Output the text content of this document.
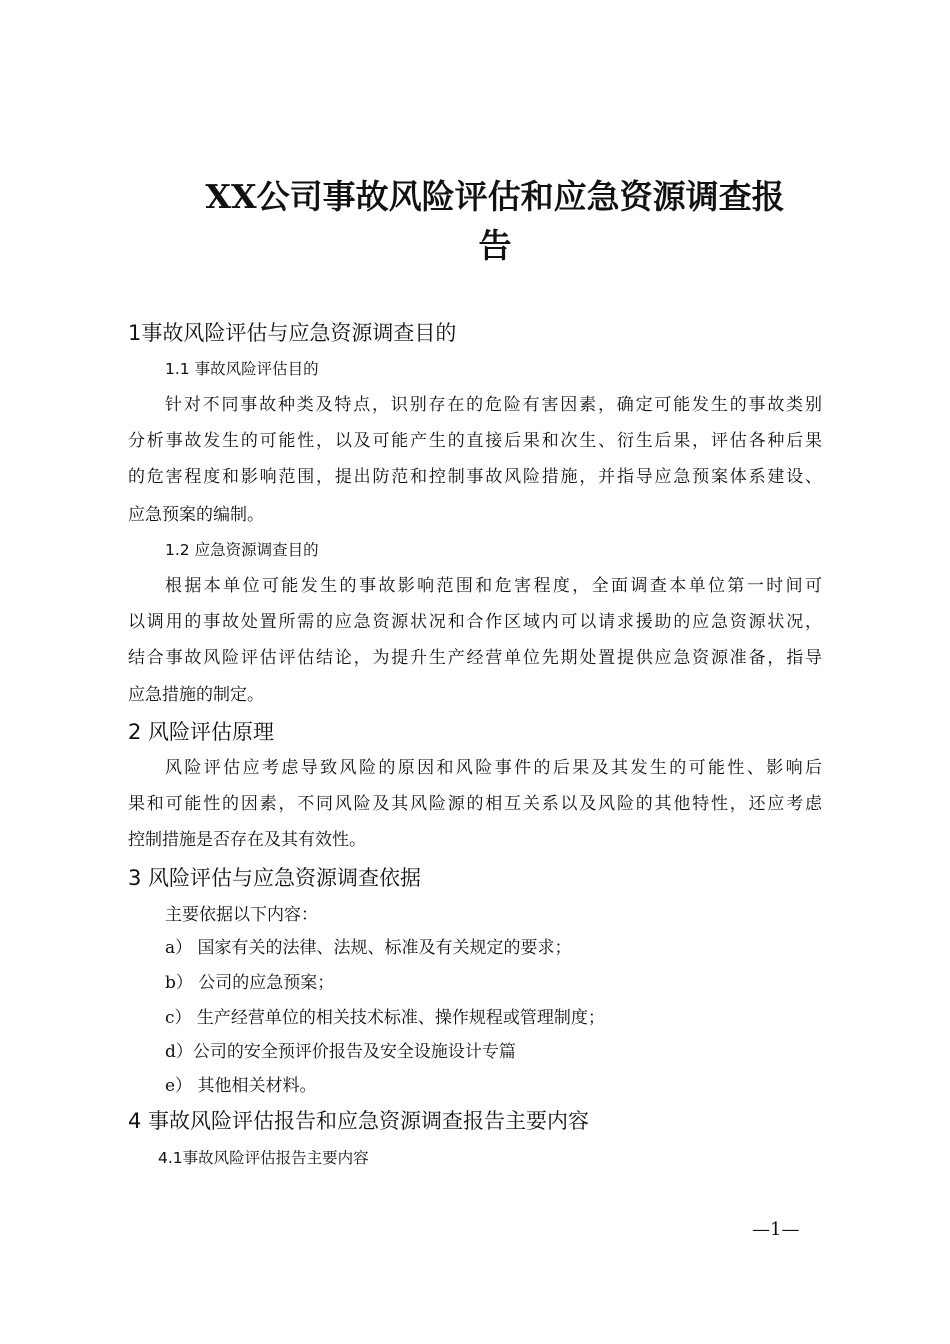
XX公司事故风险评估和应急资源调查报
告
1事故风险评估与应急资源调查目的
1.1 事故风险评估目的
针对不同事故种类及特点，识别存在的危险有害因素，确定可能发生的事故类别
分析事故发生的可能性，以及可能产生的直接后果和次生、衍生后果，评估各种后果
的危害程度和影响范围，提出防范和控制事故风险措施，并指导应急预案体系建设、
应急预案的编制。
1.2 应急资源调查目的
根据本单位可能发生的事故影响范围和危害程度，全面调查本单位第一时间可
以调用的事故处置所需的应急资源状况和合作区域内可以请求援助的应急资源状况，
结合事故风险评估评估结论，为提升生产经营单位先期处置提供应急资源准备，指导
应急措施的制定。
2 风险评估原理
风险评估应考虑导致风险的原因和风险事件的后果及其发生的可能性、影响后
果和可能性的因素，不同风险及其风险源的相互关系以及风险的其他特性，还应考虑
控制措施是否存在及其有效性。
3 风险评估与应急资源调查依据
主要依据以下内容：
a） 国家有关的法律、法规、标准及有关规定的要求；
b） 公司的应急预案；
c） 生产经营单位的相关技术标准、操作规程或管理制度；
d）公司的安全预评价报告及安全设施设计专篇
e） 其他相关材料。
4 事故风险评估报告和应急资源调查报告主要内容
4.1事故风险评估报告主要内容
—1—
